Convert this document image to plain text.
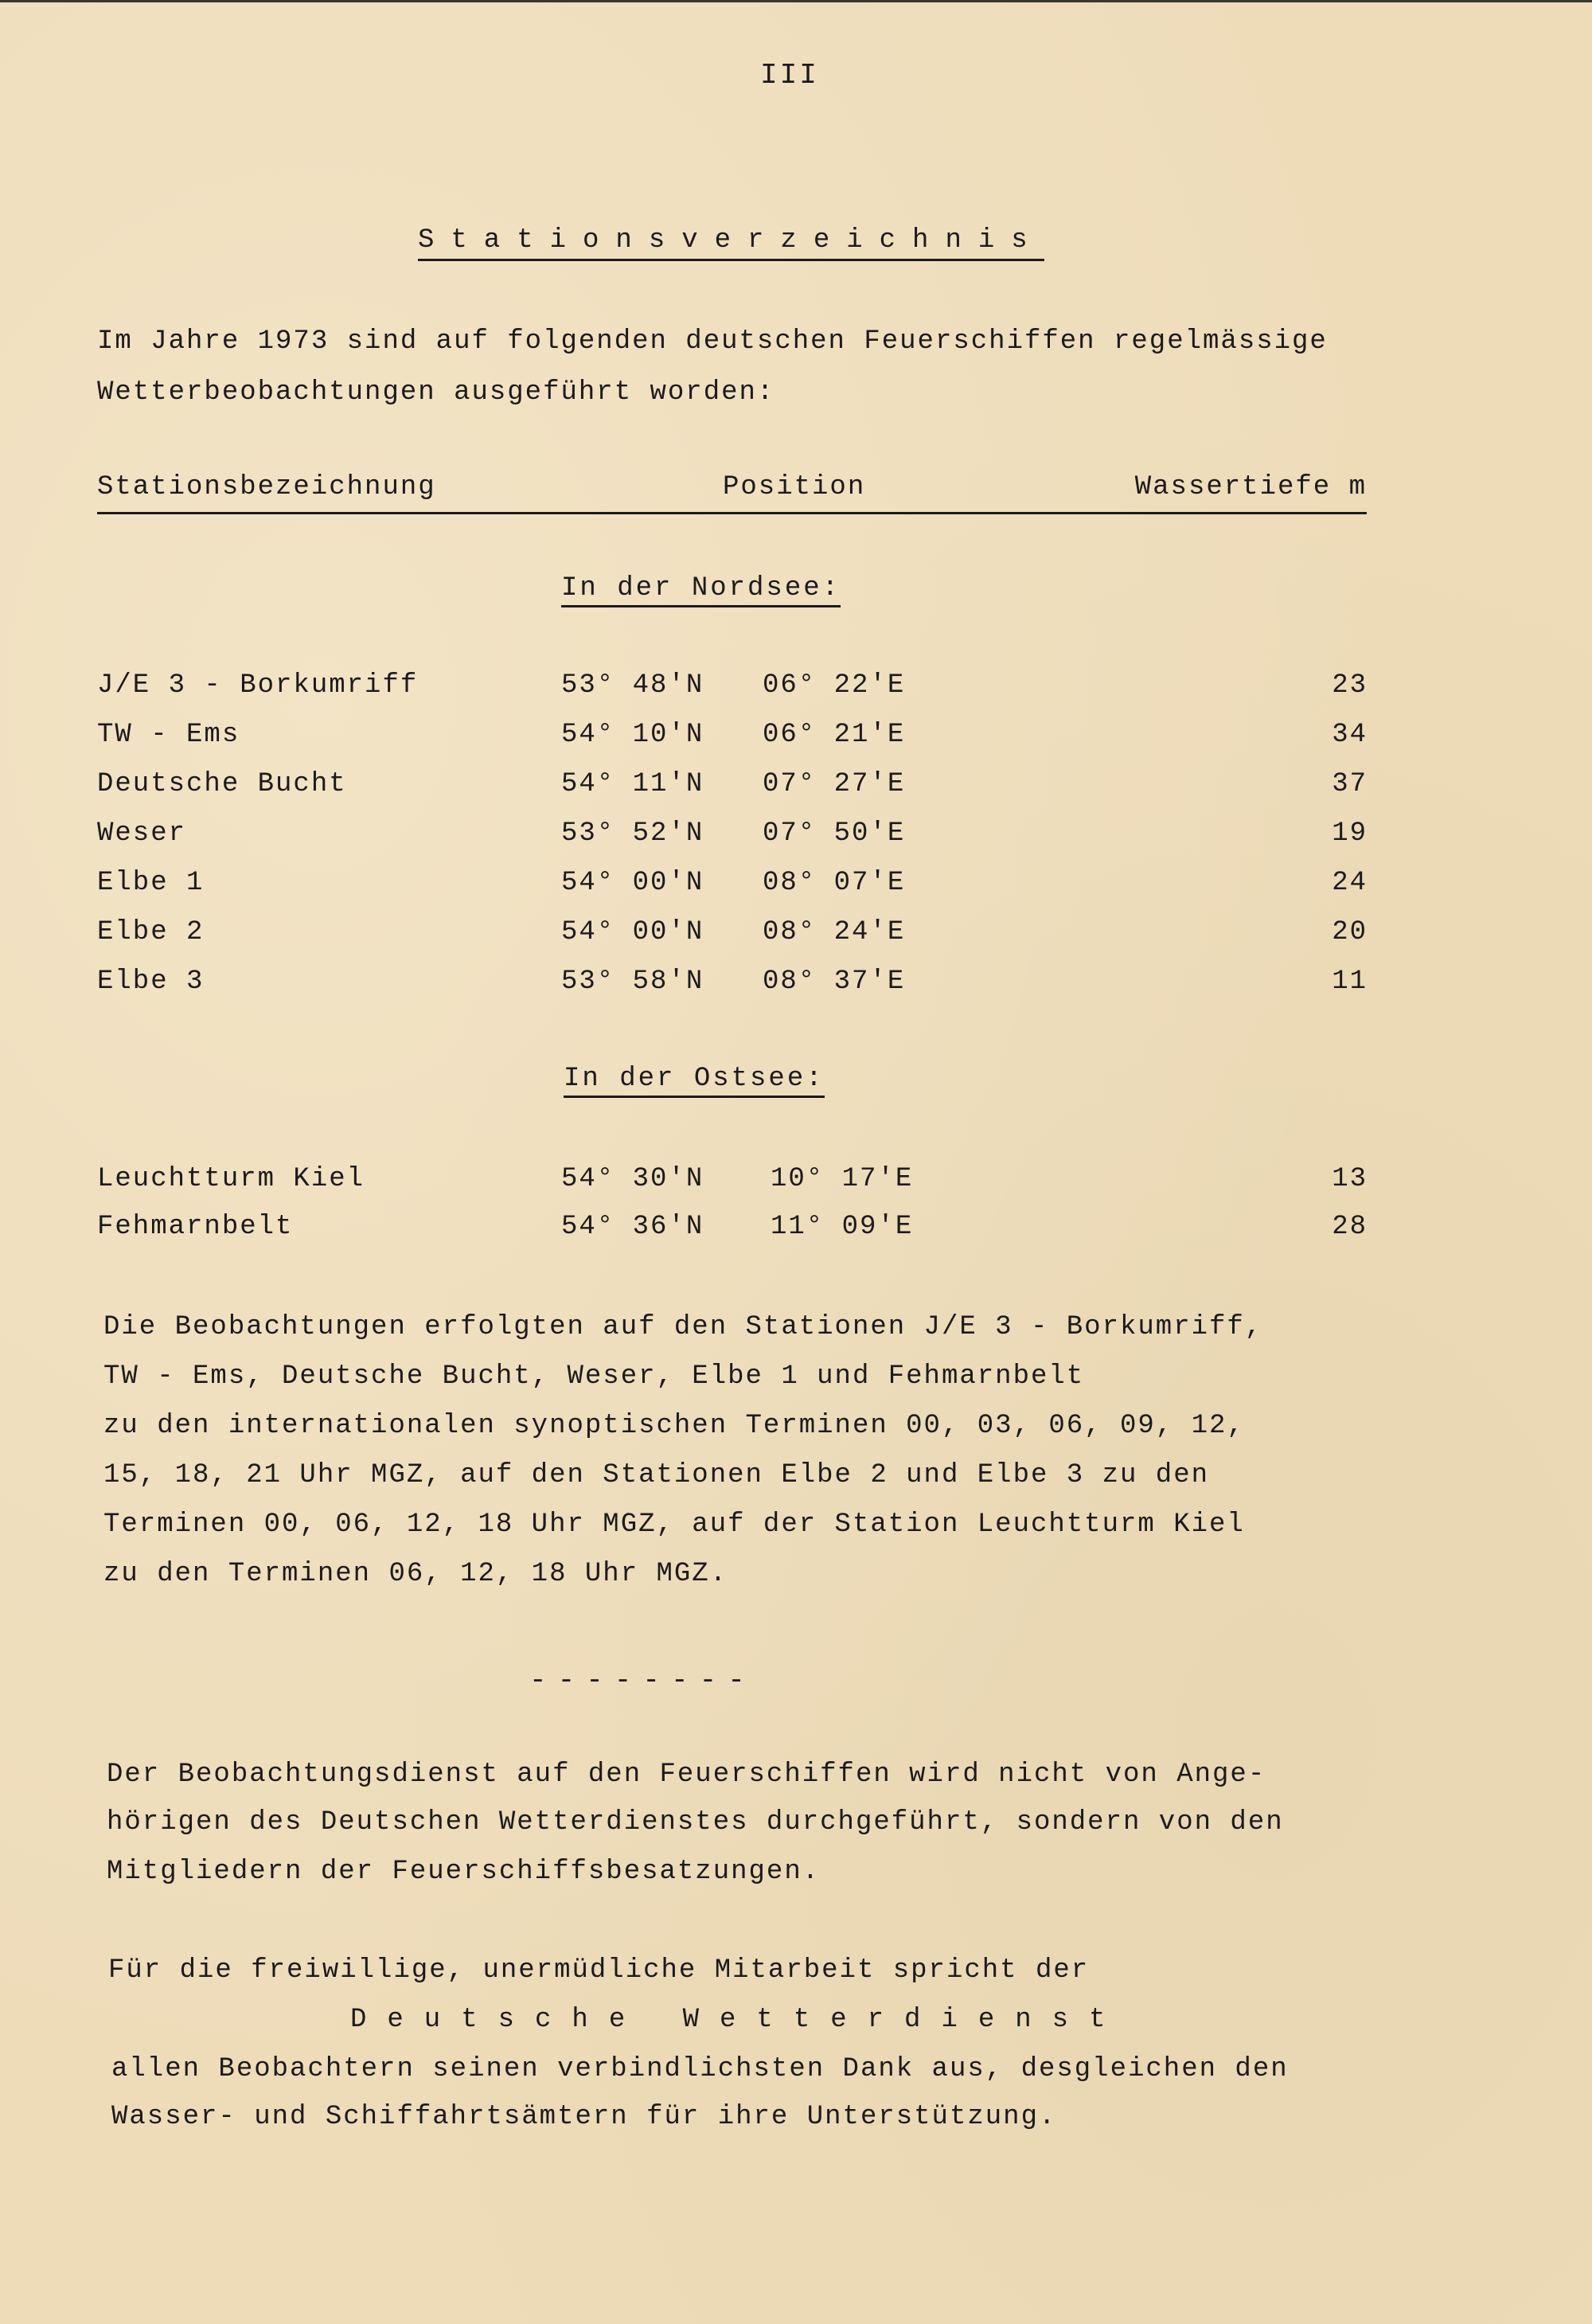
III
Stationsverzeichnis
Im Jahre 1973 sind auf folgenden deutschen Feuerschiffen regelmässige
Wetterbeobachtungen ausgeführt worden:
Stationsbezeichnung	Position	Wassertiefe m
In der Nordsee:
J/E 3 - Borkumriff	53° 48'N 06° 22'E	23
TW - Ems	54° 10'N 06° 21'E	34
Deutsche Bucht	54° 11'N 07° 27'E	37
Weser	53° 52'N 07° 50'E	19
Elbe 1	54° 00'N 08° 07'E	24
Elbe 2	54° 00'N 08° 24'E	20
Elbe 3	53° 58'N 08° 37'E	11
In der Ostsee:
Leuchtturm Kiel	54° 30'N 10° 17'E	13
Fehmarnbelt	54° 36'N 11° 09'E	28
Die Beobachtungen erfolgten auf den Stationen J/E 3 - Borkumriff,
TW - Ems, Deutsche Bucht, Weser, Elbe 1 und Fehmarnbelt
zu den internationalen synoptischen Terminen 00, 03, 06, 09, 12,
15, 18, 21 Uhr MGZ, auf den Stationen Elbe 2 und Elbe 3 zu den
Terminen 00, 06, 12, 18 Uhr MGZ, auf der Station Leuchtturm Kiel
zu den Terminen 06, 12, 18 Uhr MGZ.
--------
Der Beobachtungsdienst auf den Feuerschiffen wird nicht von Ange-
hörigen des Deutschen Wetterdienstes durchgeführt, sondern von den
Mitgliedern der Feuerschiffsbesatzungen.
Für die freiwillige, unermüdliche Mitarbeit spricht der
Deutsche Wetterdienst
allen Beobachtern seinen verbindlichsten Dank aus, desgleichen den
Wasser- und Schiffahrtsämtern für ihre Unterstützung.
